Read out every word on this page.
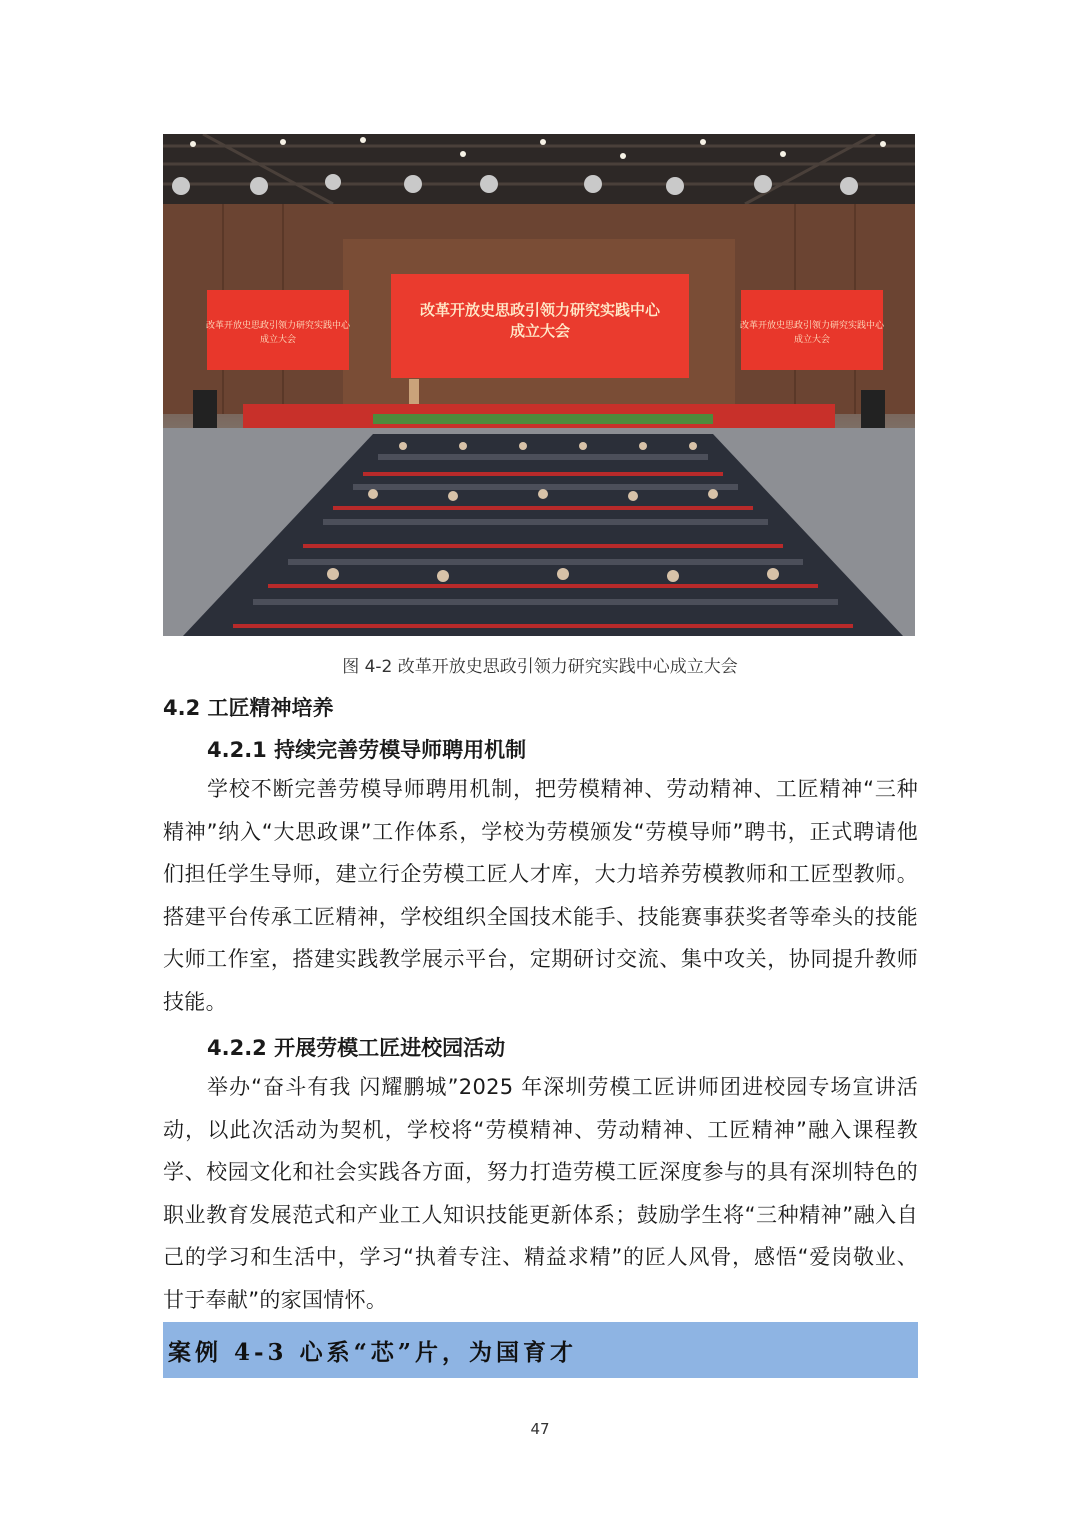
改革开放史思政引领力研究实践中心
成立大会
改革开放史思政引领力研究实践中心
成立大会
改革开放史思政引领力研究实践中心
成立大会
图 4-2 改革开放史思政引领力研究实践中心成立大会
4.2 工匠精神培养
4.2.1 持续完善劳模导师聘用机制
学校不断完善劳模导师聘用机制，把劳模精神、劳动精神、工匠精神“三种精神”纳入“大思政课”工作体系，学校为劳模颁发“劳模导师”聘书，正式聘请他们担任学生导师，建立行企劳模工匠人才库，大力培养劳模教师和工匠型教师。搭建平台传承工匠精神，学校组织全国技术能手、技能赛事获奖者等牵头的技能大师工作室，搭建实践教学展示平台，定期研讨交流、集中攻关，协同提升教师技能。
4.2.2 开展劳模工匠进校园活动
举办“奋斗有我 闪耀鹏城”2025 年深圳劳模工匠讲师团进校园专场宣讲活动，以此次活动为契机，学校将“劳模精神、劳动精神、工匠精神”融入课程教学、校园文化和社会实践各方面，努力打造劳模工匠深度参与的具有深圳特色的职业教育发展范式和产业工人知识技能更新体系；鼓励学生将“三种精神”融入自己的学习和生活中，学习“执着专注、精益求精”的匠人风骨，感悟“爱岗敬业、甘于奉献”的家国情怀。
案例 4-3 心系“芯”片，为国育才
47
